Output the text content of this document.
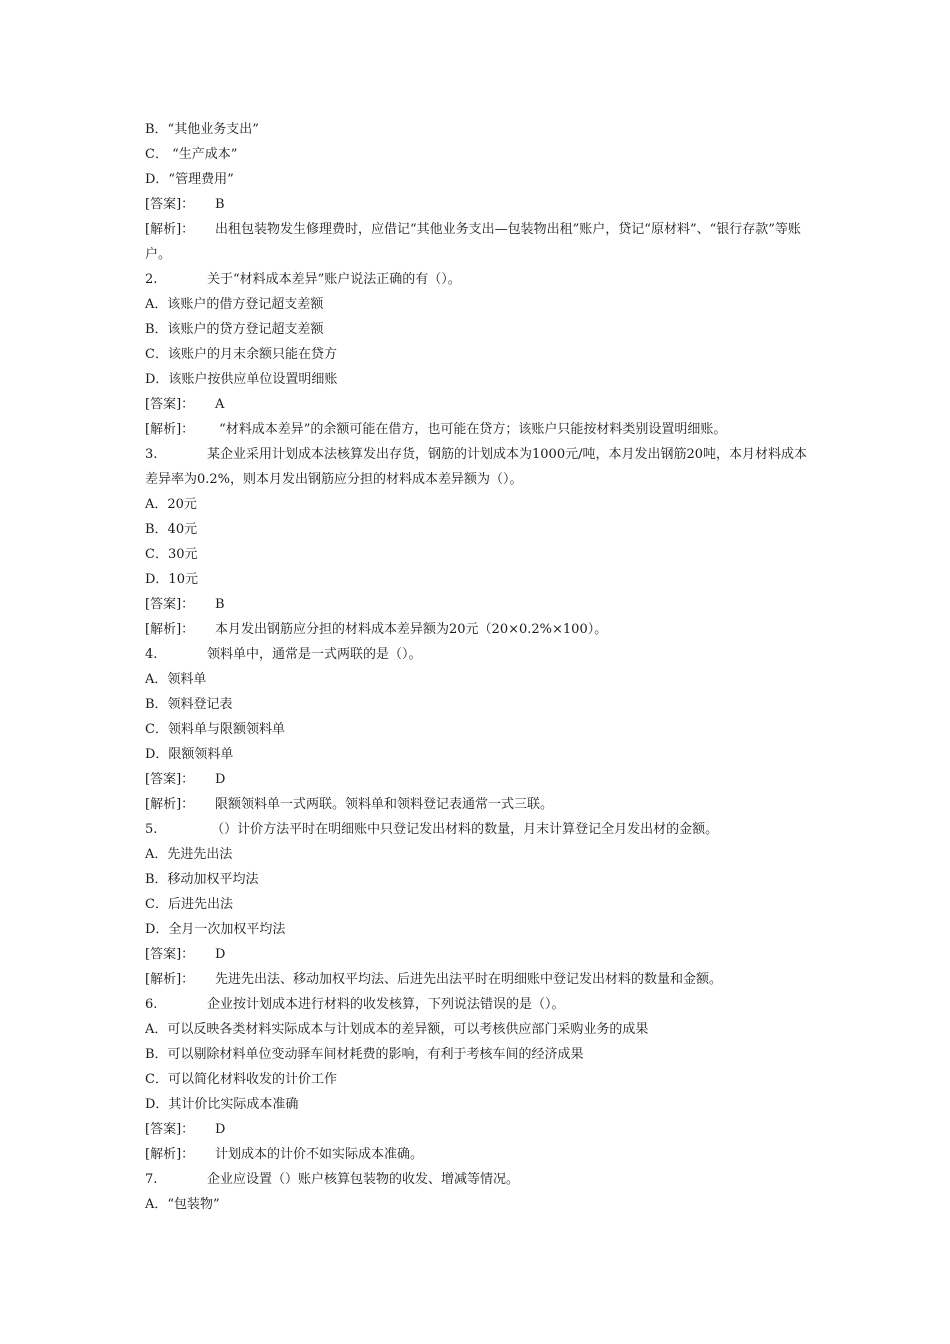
B．“其他业务支出”
C． “生产成本”
D．“管理费用”
[答案]： B
[解析]： 出租包装物发生修理费时，应借记“其他业务支出—包装物出租”账户，贷记“原材料”、“银行存款”等账户。
2.	关于“材料成本差异”账户说法正确的有（）。
A．该账户的借方登记超支差额
B．该账户的贷方登记超支差额
C．该账户的月末余额只能在贷方
D．该账户按供应单位设置明细账
[答案]： A
[解析]： “材料成本差异”的余额可能在借方，也可能在贷方；该账户只能按材料类别设置明细账。
3.	某企业采用计划成本法核算发出存货，钢筋的计划成本为1000元/吨，本月发出钢筋20吨，本月材料成本差异率为0.2%，则本月发出钢筋应分担的材料成本差异额为（）。
A．20元
B．40元
C．30元
D．10元
[答案]： B
[解析]： 本月发出钢筋应分担的材料成本差异额为20元（20×0.2%×100）。
4.	领料单中，通常是一式两联的是（）。
A．领料单
B．领料登记表
C．领料单与限额领料单
D．限额领料单
[答案]： D
[解析]： 限额领料单一式两联。领料单和领料登记表通常一式三联。
5.	（）计价方法平时在明细账中只登记发出材料的数量，月末计算登记全月发出材的金额。
A．先进先出法
B．移动加权平均法
C．后进先出法
D．全月一次加权平均法
[答案]： D
[解析]： 先进先出法、移动加权平均法、后进先出法平时在明细账中登记发出材料的数量和金额。
6.	企业按计划成本进行材料的收发核算，下列说法错误的是（）。
A．可以反映各类材料实际成本与计划成本的差异额，可以考核供应部门采购业务的成果
B．可以剔除材料单位变动驿车间材耗费的影响，有利于考核车间的经济成果
C．可以简化材料收发的计价工作
D．其计价比实际成本准确
[答案]： D
[解析]： 计划成本的计价不如实际成本准确。
7.	企业应设置（）账户核算包装物的收发、增减等情况。
A．“包装物”
